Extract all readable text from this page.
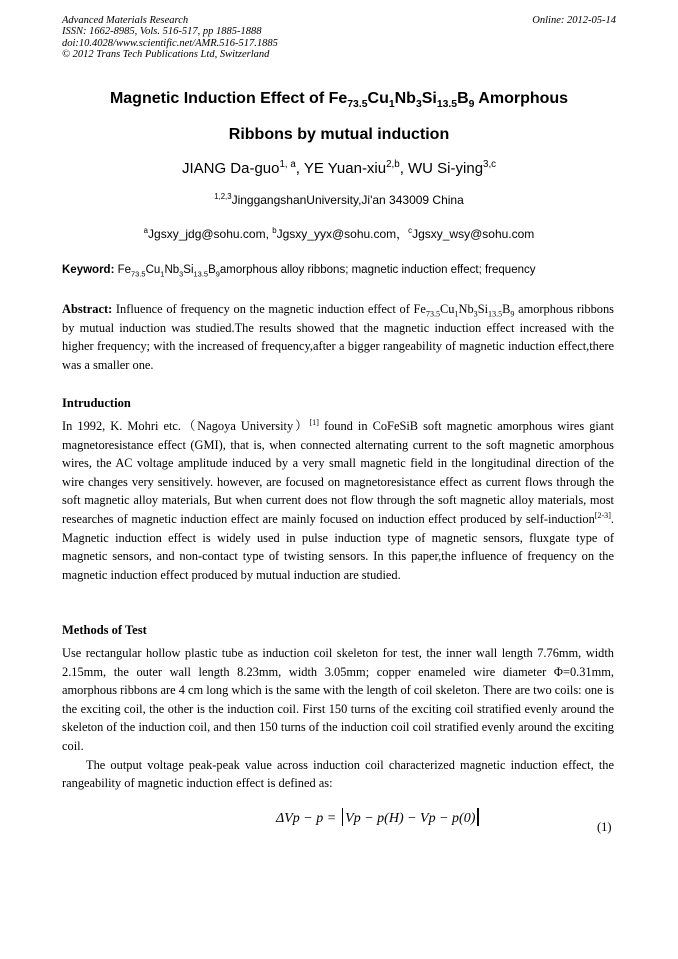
Advanced Materials Research
ISSN: 1662-8985, Vols. 516-517, pp 1885-1888
doi:10.4028/www.scientific.net/AMR.516-517.1885
© 2012 Trans Tech Publications Ltd, Switzerland
Online: 2012-05-14
Magnetic Induction Effect of $Fe_{73.5}Cu_1Nb_3Si_{13.5}B_9$ Amorphous
Ribbons by mutual induction
JIANG Da-guo$^{1, a}$, YE Yuan-xiu$^{2,b}$, WU Si-ying$^{3,c}$
$^{1,2,3}$JinggangshanUniversity,Ji'an 343009 China
$^a$Jgsxy_jdg@sohu.com, $^b$Jgsxy_yyx@sohu.com，$^c$Jgsxy_wsy@sohu.com
Keyword: $Fe_{73.5}Cu_1Nb_3Si_{13.5}B_9amorphous$ alloy ribbons; magnetic induction effect; frequency
Abstract: Influence of frequency on the magnetic induction effect of $Fe_{73.5}Cu_1Nb_3Si_{13.5}B_9$ amorphous ribbons by mutual induction was studied.The results showed that the magnetic induction effect increased with the higher frequency; with the increased of frequency,after a bigger rangeability of magnetic induction effect,there was a smaller one.
Intruduction
In 1992, K. Mohri etc.（Nagoya University）[1] found in CoFeSiB soft magnetic amorphous wires giant magnetoresistance effect (GMI), that is, when connected alternating current to the soft magnetic amorphous wires, the AC voltage amplitude induced by a very small magnetic field in the longitudinal direction of the wire changes very sensitively. however, are focused on magnetoresistance effect as current flows through the soft magnetic alloy materials, But when current does not flow through the soft magnetic alloy materials, most researches of magnetic induction effect are mainly focused on induction effect produced by self-induction[2-3]. Magnetic induction effect is widely used in pulse induction type of magnetic sensors, fluxgate type of magnetic sensors, and non-contact type of twisting sensors. In this paper,the influence of frequency on the magnetic induction effect produced by mutual induction are studied.
Methods of Test
Use rectangular hollow plastic tube as induction coil skeleton for test, the inner wall length 7.76mm, width 2.15mm, the outer wall length 8.23mm, width 3.05mm; copper enameled wire diameter Φ=0.31mm, amorphous ribbons are 4 cm long which is the same with the length of coil skeleton. There are two coils: one is the exciting coil, the other is the induction coil. First 150 turns of the exciting coil stratified evenly around the skeleton of the induction coil, and then 150 turns of the induction coil coil stratified evenly around the exciting coil.
The output voltage peak-peak value across induction coil characterized magnetic induction effect, the rangeability of magnetic induction effect is defined as:
ΔVp − p = Vp − p(H) − Vp − p(0)
(1)
